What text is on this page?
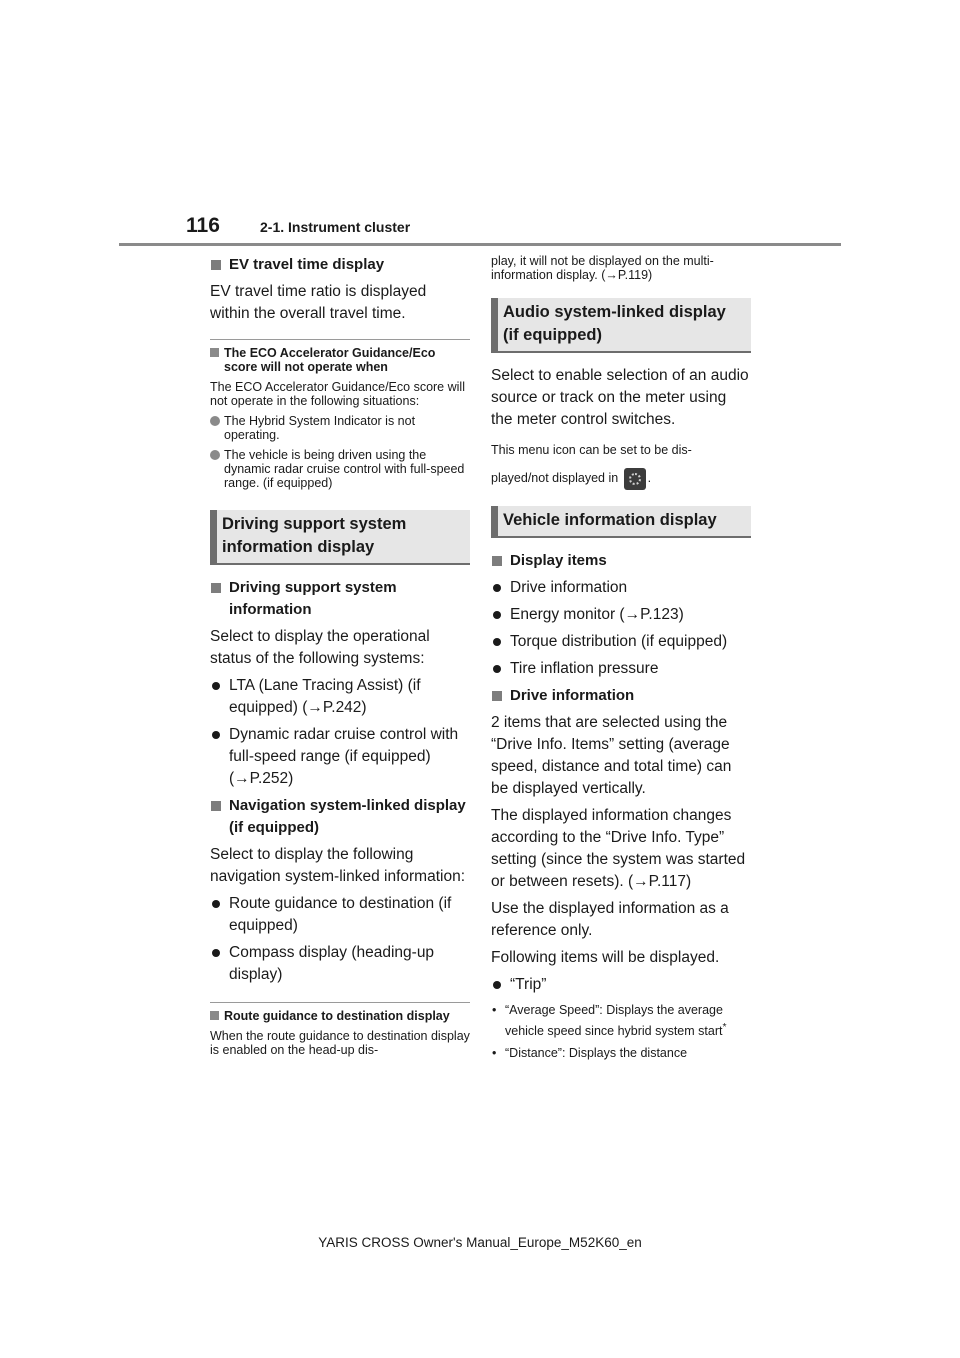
116	2-1. Instrument cluster

EV travel time display

EV travel time ratio is displayed within the overall travel time.

The ECO Accelerator Guidance/Eco score will not operate when

The ECO Accelerator Guidance/Eco score will not operate in the following situations:

The Hybrid System Indicator is not operating.

The vehicle is being driven using the dynamic radar cruise control with full-speed range. (if equipped)

Driving support system information display

Driving support system information

Select to display the operational status of the following systems:

LTA (Lane Tracing Assist) (if equipped) (→P.242)

Dynamic radar cruise control with full-speed range (if equipped) (→P.252)

Navigation system-linked display (if equipped)

Select to display the following navigation system-linked information:

Route guidance to destination (if equipped)

Compass display (heading-up display)

Route guidance to destination display

When the route guidance to destination display is enabled on the head-up dis-

play, it will not be displayed on the multi-information display. (→P.119)

Audio system-linked display (if equipped)

Select to enable selection of an audio source or track on the meter using the meter control switches.

This menu icon can be set to be dis-

played/not displayed in .

Vehicle information display

Display items

Drive information

Energy monitor (→P.123)

Torque distribution (if equipped)

Tire inflation pressure

Drive information

2 items that are selected using the “Drive Info. Items” setting (average speed, distance and total time) can be displayed vertically.

The displayed information changes according to the “Drive Info. Type” setting (since the system was started or between resets). (→P.117)

Use the displayed information as a reference only.

Following items will be displayed.

“Trip”

• “Average Speed”: Displays the average vehicle speed since hybrid system start*

• “Distance”: Displays the distance

YARIS CROSS Owner's Manual_Europe_M52K60_en
